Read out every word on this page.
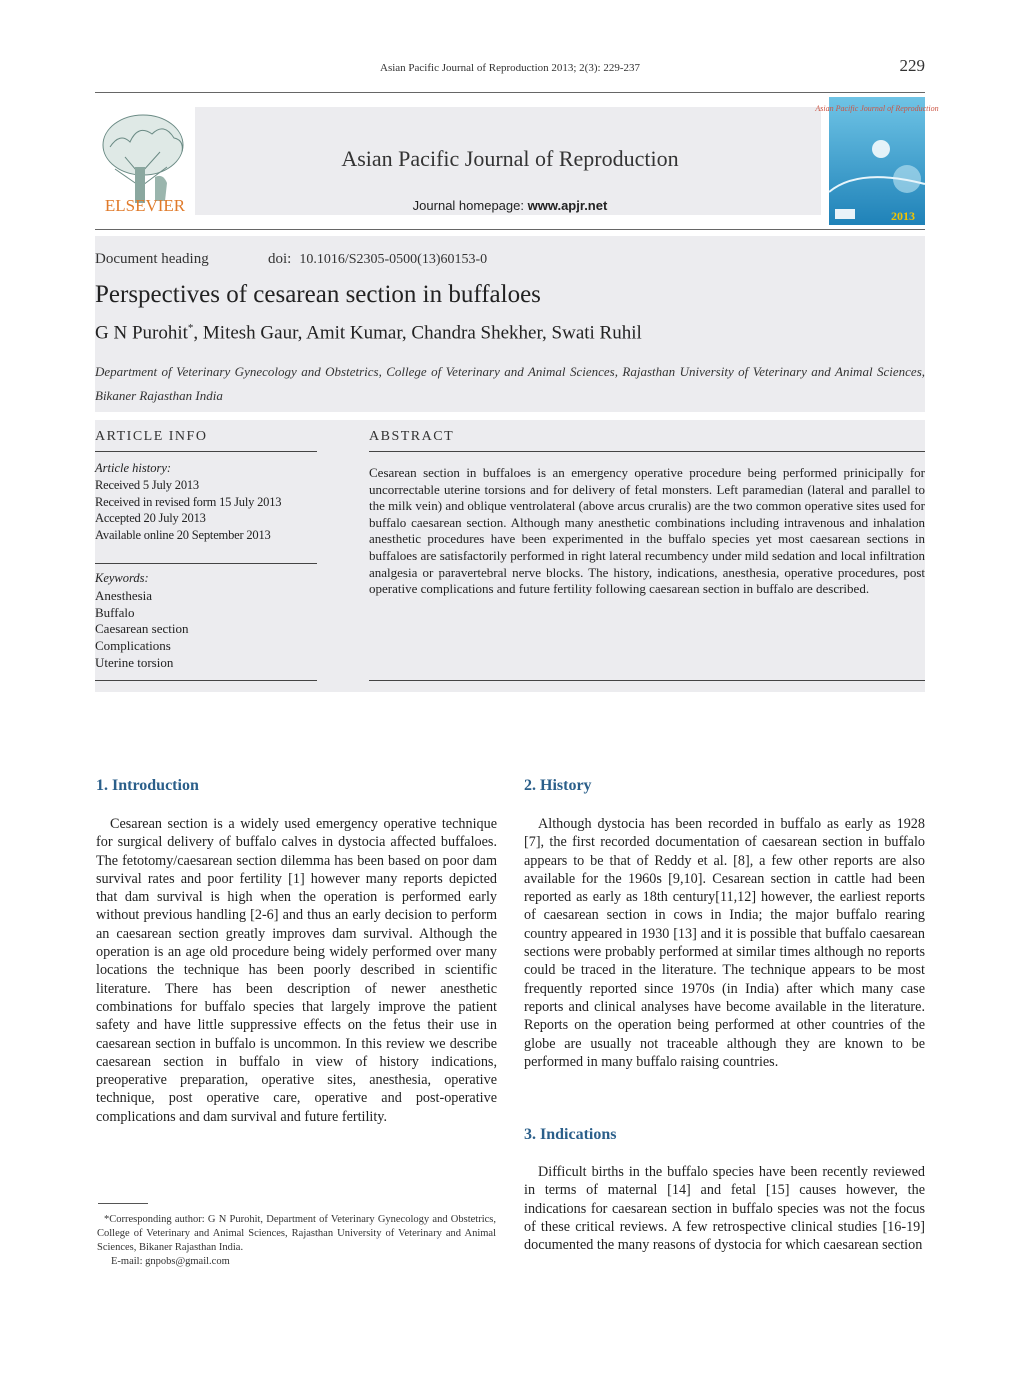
Asian Pacific Journal of Reproduction 2013; 2(3): 229-237	229
ELSEVIER
Asian Pacific Journal of Reproduction
Journal homepage: www.apjr.net
Asian Pacific Journal of Reproduction
2013
Document heading	doi: 10.1016/S2305-0500(13)60153-0
Perspectives of cesarean section in buffaloes
G N Purohit*, Mitesh Gaur, Amit Kumar, Chandra Shekher, Swati Ruhil
Department of Veterinary Gynecology and Obstetrics, College of Veterinary and Animal Sciences, Rajasthan University of Veterinary and Animal Sciences, Bikaner Rajasthan India
ARTICLE INFO	ABSTRACT
Article history:
Received 5 July 2013
Received in revised form 15 July 2013
Accepted 20 July 2013
Available online 20 September 2013
Keywords:
Anesthesia
Buffalo
Caesarean section
Complications
Uterine torsion
Cesarean section in buffaloes is an emergency operative procedure being performed prinicipally for uncorrectable uterine torsions and for delivery of fetal monsters. Left paramedian (lateral and parallel to the milk vein) and oblique ventrolateral (above arcus cruralis) are the two common operative sites used for buffalo caesarean section. Although many anesthetic combinations including intravenous and inhalation anesthetic procedures have been experimented in the buffalo species yet most caesarean sections in buffaloes are satisfactorily performed in right lateral recumbency under mild sedation and local infiltration analgesia or paravertebral nerve blocks. The history, indications, anesthesia, operative procedures, post operative complications and future fertility following caesarean section in buffalo are described.
1. Introduction

Cesarean section is a widely used emergency operative technique for surgical delivery of buffalo calves in dystocia affected buffaloes. The fetotomy/caesarean section dilemma has been based on poor dam survival rates and poor fertility [1] however many reports depicted that dam survival is high when the operation is performed early without previous handling [2-6] and thus an early decision to perform an caesarean section greatly improves dam survival. Although the operation is an age old procedure being widely performed over many locations the technique has been poorly described in scientific literature. There has been description of newer anesthetic combinations for buffalo species that largely improve the patient safety and have little suppressive effects on the fetus their use in caesarean section in buffalo is uncommon. In this review we describe caesarean section in buffalo in view of history indications, preoperative preparation, operative sites, anesthesia, operative technique, post operative care, operative and post-operative complications and dam survival and future fertility.

2. History

Although dystocia has been recorded in buffalo as early as 1928 [7], the first recorded documentation of caesarean section in buffalo appears to be that of Reddy et al. [8], a few other reports are also available for the 1960s [9,10]. Cesarean section in cattle had been reported as early as 18th century[11,12] however, the earliest reports of caesarean section in cows in India; the major buffalo rearing country appeared in 1930 [13] and it is possible that buffalo caesarean sections were probably performed at similar times although no reports could be traced in the literature. The technique appears to be most frequently reported since 1970s (in India) after which many case reports and clinical analyses have become available in the literature. Reports on the operation being performed at other countries of the globe are usually not traceable although they are known to be performed in many buffalo raising countries.

3. Indications

Difficult births in the buffalo species have been recently reviewed in terms of maternal [14] and fetal [15] causes however, the indications for caesarean section in buffalo species was not the focus of these critical reviews. A few retrospective clinical studies [16-19] documented the many reasons of dystocia for which caesarean section

*Corresponding author: G N Purohit, Department of Veterinary Gynecology and Obstetrics, College of Veterinary and Animal Sciences, Rajasthan University of Veterinary and Animal Sciences, Bikaner Rajasthan India.
E-mail: gnpobs@gmail.com
